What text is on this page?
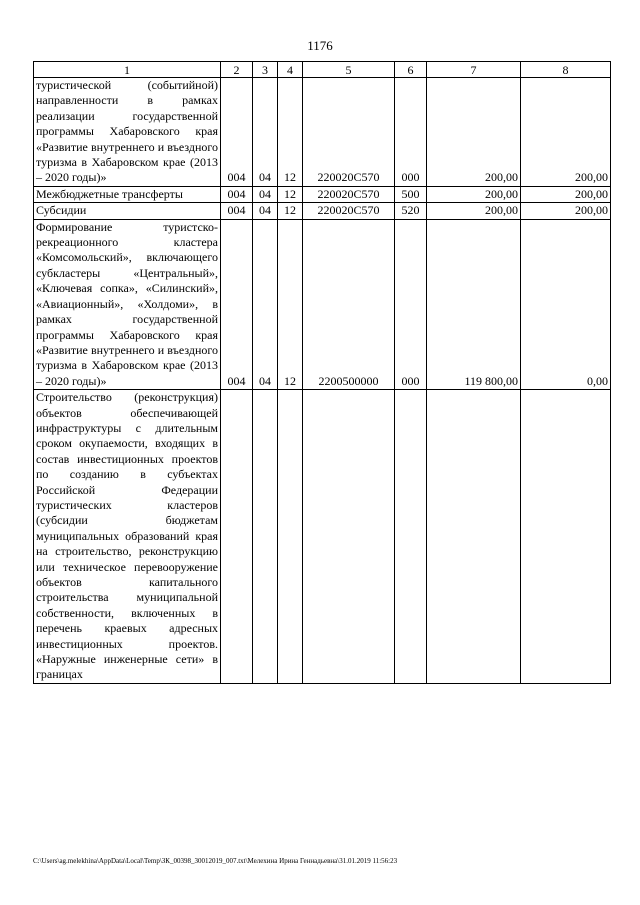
1176
1	2	3	4	5	6	7	8
туристической (событийной) направленности в рамках реализации государственной программы Хабаровского края «Развитие внутреннего и въездного туризма в Хабаровском крае (2013 – 2020 годы)»	004	04	12	220020С570	000	200,00	200,00
Межбюджетные трансферты	004	04	12	220020С570	500	200,00	200,00
Субсидии	004	04	12	220020С570	520	200,00	200,00
Формирование туристско-рекреационного кластера «Комсомольский», включающего субкластеры «Центральный», «Ключевая сопка», «Силинский», «Авиационный», «Холдоми», в рамках государственной программы Хабаровского края «Развитие внутреннего и въездного туризма в Хабаровском крае (2013 – 2020 годы)»	004	04	12	2200500000	000	119 800,00	0,00
Строительство (реконструкция) объектов обеспечивающей инфраструктуры с длительным сроком окупаемости, входящих в состав инвестиционных проектов по созданию в субъектах Российской Федерации туристических кластеров (субсидии бюджетам муниципальных образований края на строительство, реконструкцию или техническое перевооружение объектов капитального строительства муниципальной собственности, включенных в перечень краевых адресных инвестиционных проектов. «Наружные инженерные сети» в границах							
C:\Users\ag.melekhina\AppData\Local\Temp\ЗК_00398_30012019_007.txt\Мелехина Ирина Геннадьевна\31.01.2019 11:56:23
